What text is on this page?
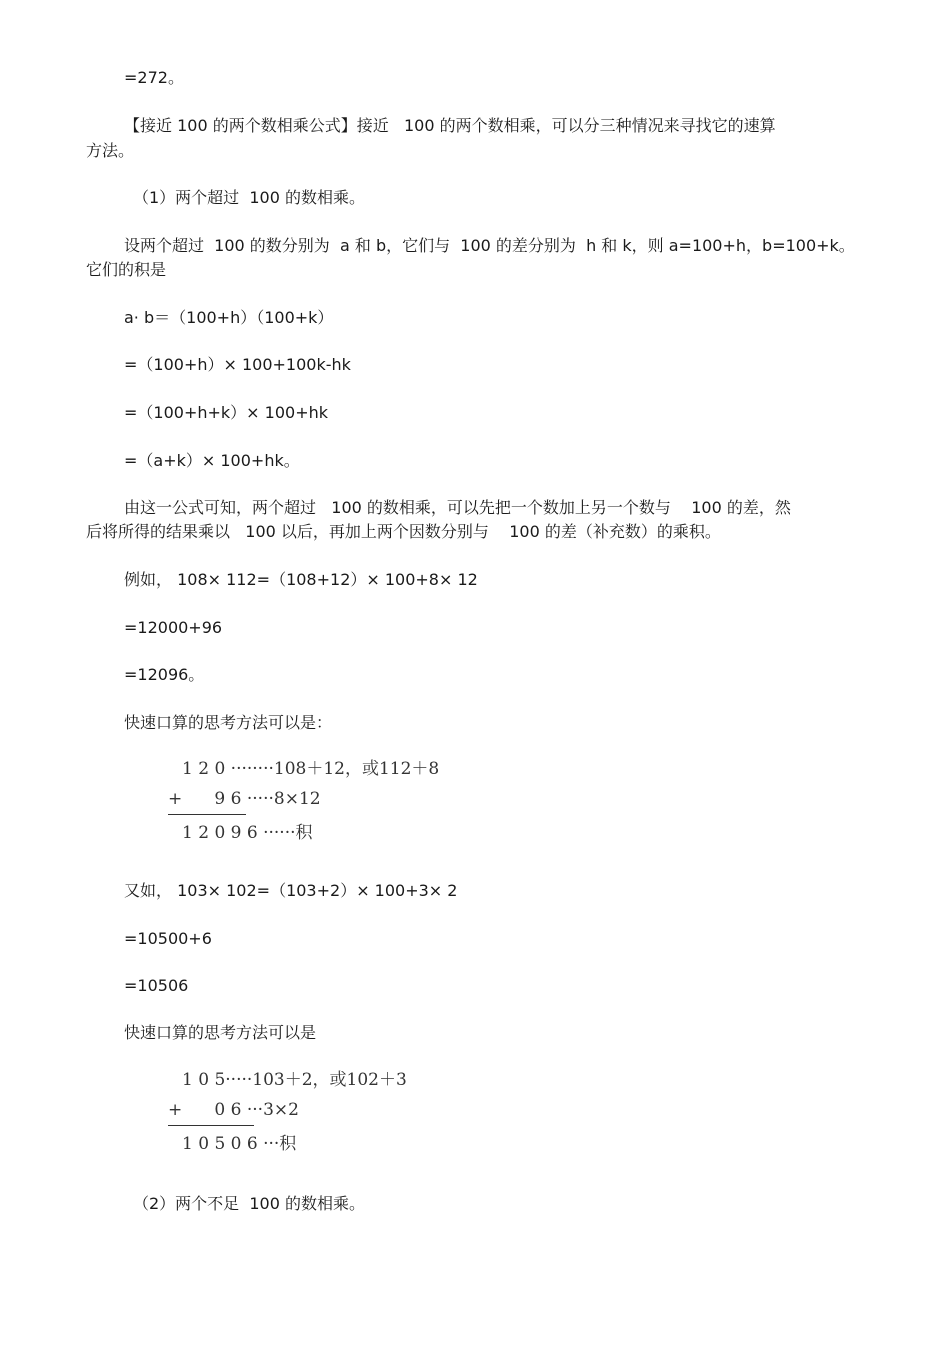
=272。
【接近 100 的两个数相乘公式】接近   100 的两个数相乘，可以分三种情况来寻找它的速算
方法。
（1）两个超过  100 的数相乘。
设两个超过  100 的数分别为  a 和 b，它们与  100 的差分别为  h 和 k，则 a=100+h，b=100+k。
它们的积是
a· b＝（100+h）（100+k）
=（100+h）× 100+100k-hk
=（100+h+k）× 100+hk
=（a+k）× 100+hk。
由这一公式可知，两个超过   100 的数相乘，可以先把一个数加上另一个数与    100 的差，然
后将所得的结果乘以   100 以后，再加上两个因数分别与    100 的差（补充数）的乘积。
例如， 108× 112=（108+12）× 100+8× 12
=12000+96
=12096。
快速口算的思考方法可以是：
1 2 0 ········108＋12，或112＋8
+ 9 6 ·····8×12
1 2 0 9 6 ······积
又如， 103× 102=（103+2）× 100+3× 2
=10500+6
=10506
快速口算的思考方法可以是
1 0 5·····103＋2，或102＋3
+ 0 6 ···3×2
1 0 5 0 6 ···积
（2）两个不足  100 的数相乘。
